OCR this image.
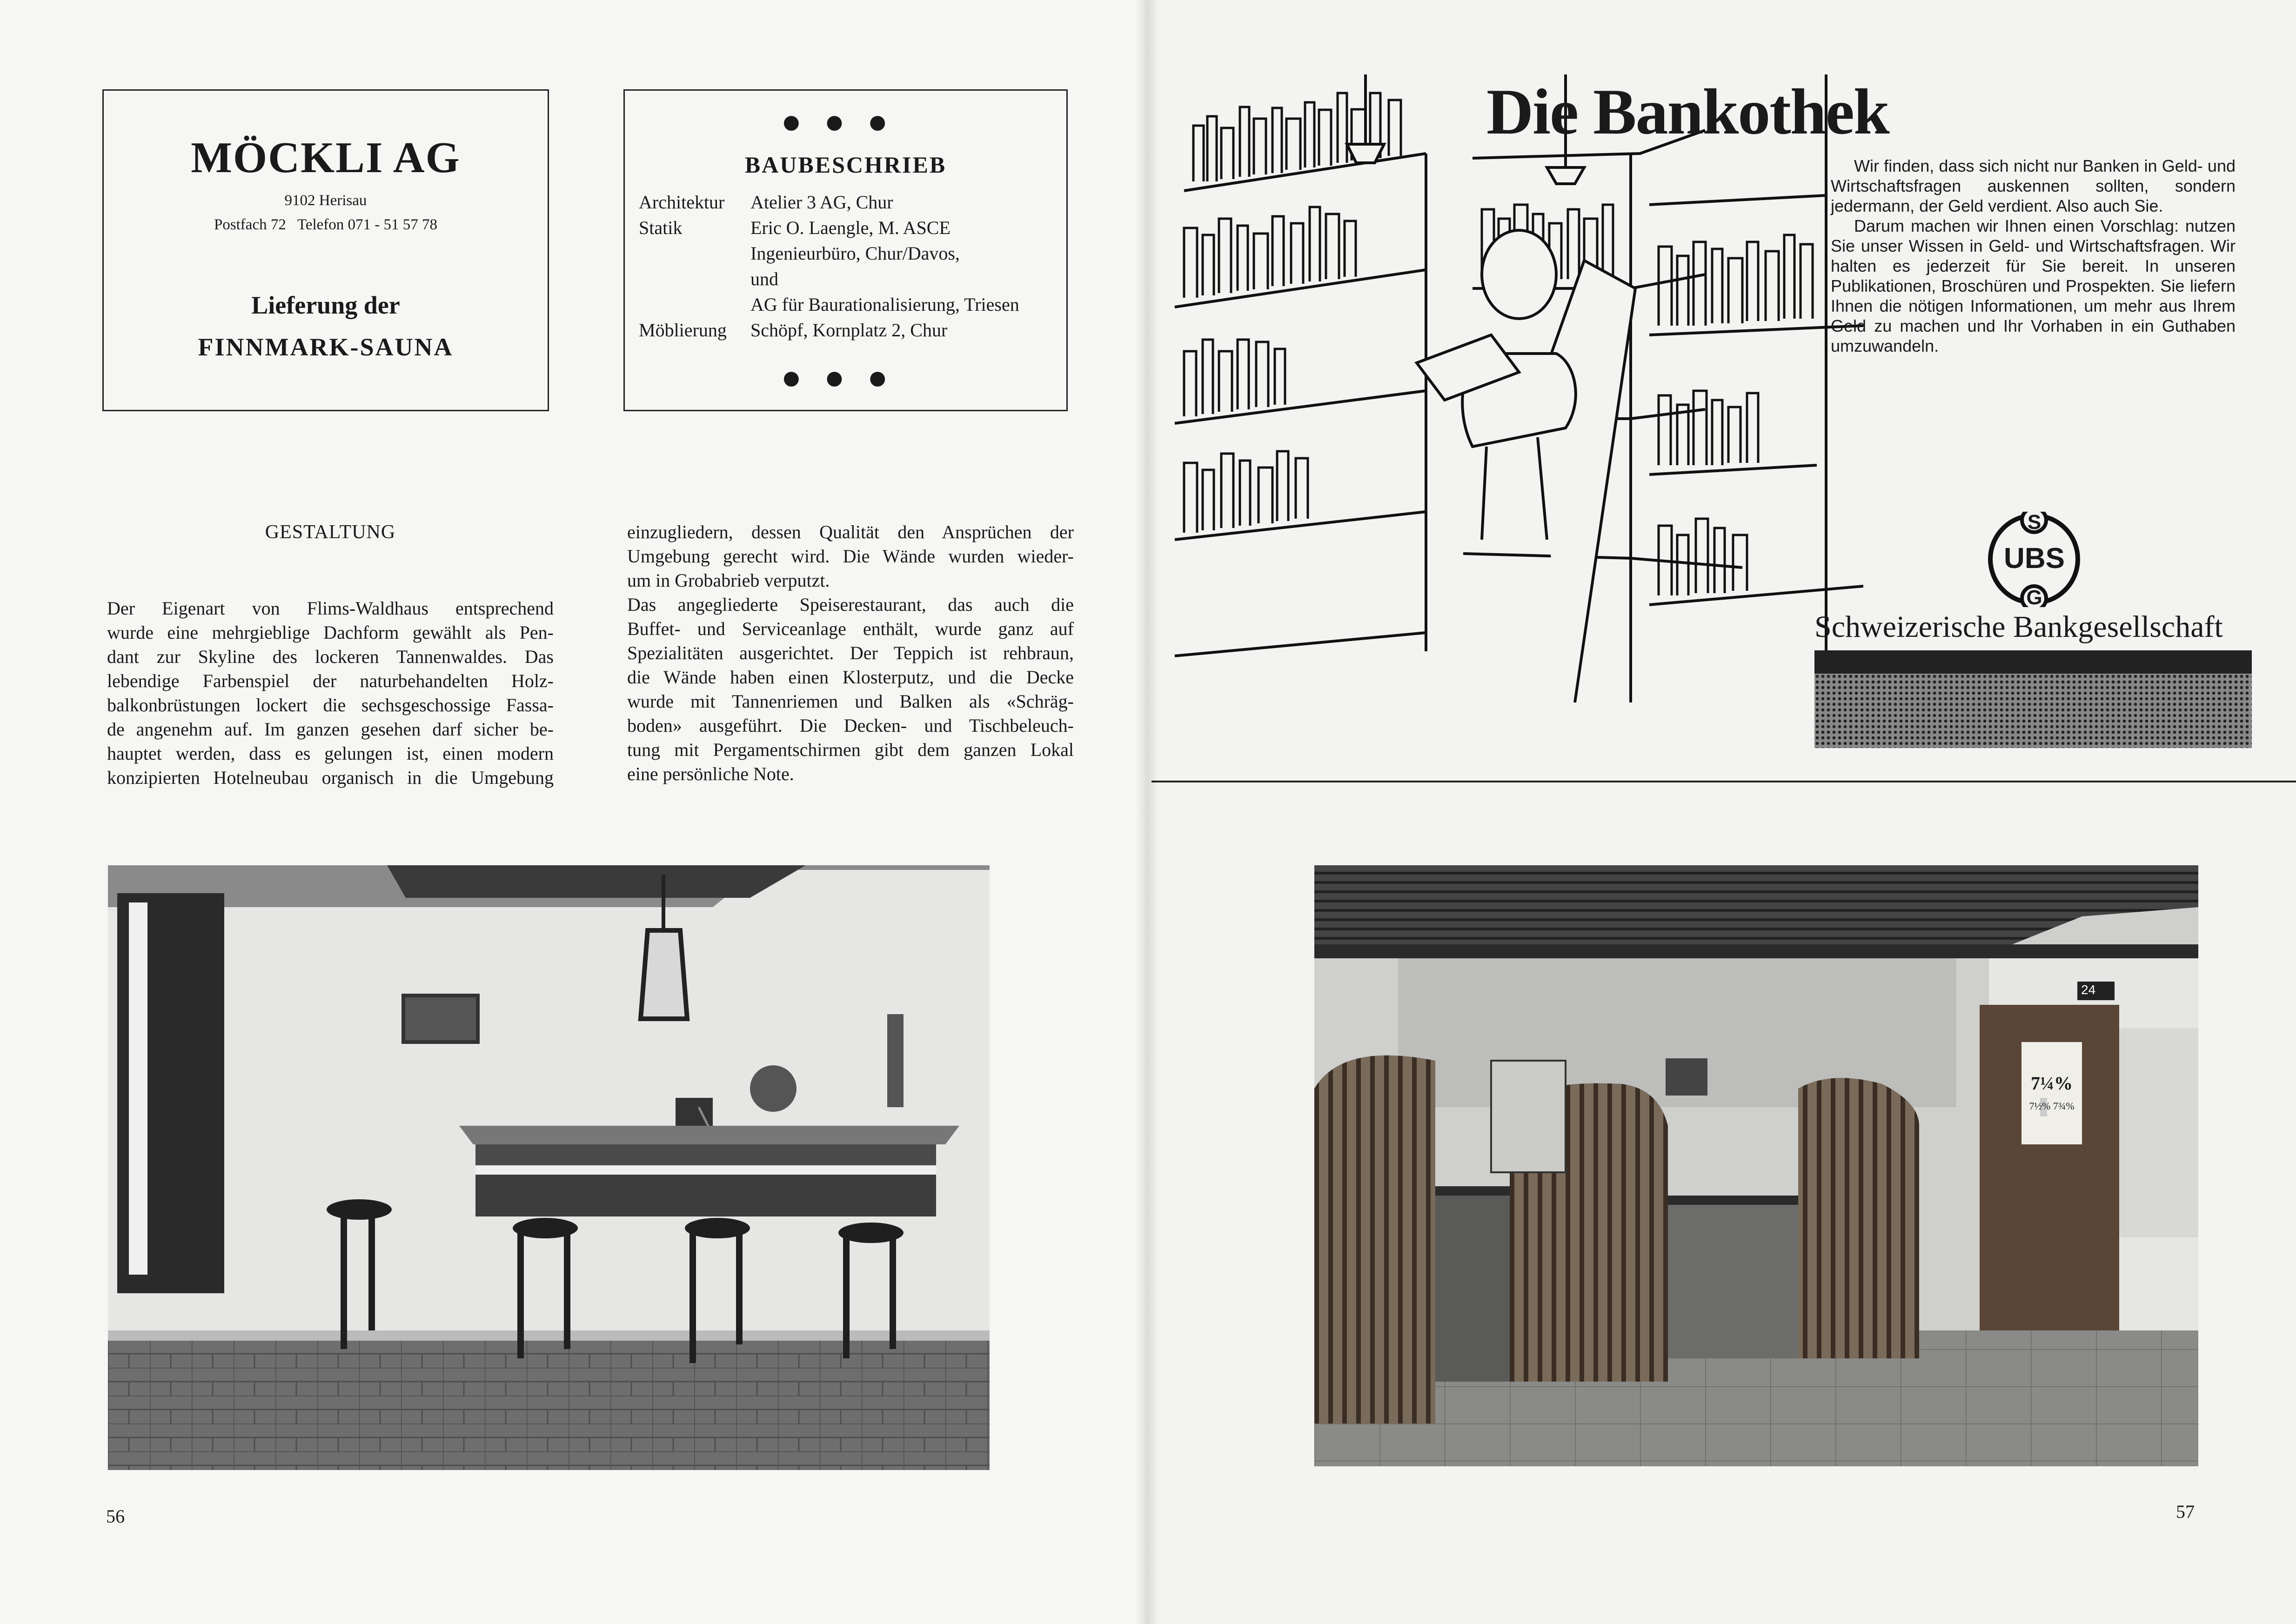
MÖCKLI AG
9102 Herisau
Postfach 72   Telefon 071 - 51 57 78
Lieferung der
FINNMARK-SAUNA
●●●
BAUBESCHRIEB
Architektur	Atelier 3 AG, Chur
Statik	Eric O. Laengle, M. ASCE
Ingenieurbüro, Chur/Davos,
und
AG für Baurationalisierung, Triesen
Möblierung	Schöpf, Kornplatz 2, Chur
●●●
GESTALTUNG
Der Eigenart von Flims-Waldhaus entsprechend
wurde eine mehrgieblige Dachform gewählt als Pen-
dant zur Skyline des lockeren Tannenwaldes. Das
lebendige Farbenspiel der naturbehandelten Holz-
balkonbrüstungen lockert die sechsgeschossige Fassa-
de angenehm auf. Im ganzen gesehen darf sicher be-
hauptet werden, dass es gelungen ist, einen modern
konzipierten Hotelneubau organisch in die Umgebung
einzugliedern, dessen Qualität den Ansprüchen der
Umgebung gerecht wird. Die Wände wurden wieder-
um in Grobabrieb verputzt.
Das angegliederte Speiserestaurant, das auch die
Buffet- und Serviceanlage enthält, wurde ganz auf
Spezialitäten ausgerichtet. Der Teppich ist rehbraun,
die Wände haben einen Klosterputz, und die Decke
wurde mit Tannenriemen und Balken als «Schräg-
boden» ausgeführt. Die Decken- und Tischbeleuch-
tung mit Pergamentschirmen gibt dem ganzen Lokal
eine persönliche Note.
56
Die Bankothek
Wir finden, dass sich nicht nur Banken in Geld- und Wirtschaftsfragen auskennen sollten, sondern jedermann, der Geld verdient. Also auch Sie.
Darum machen wir Ihnen einen Vorschlag: nutzen Sie unser Wissen in Geld- und Wirtschaftsfragen. Wir halten es jederzeit für Sie bereit. In unseren Publikationen, Broschüren und Prospekten. Sie liefern Ihnen die nötigen Informationen, um mehr aus Ihrem Geld zu machen und Ihr Vorhaben in ein Guthaben umzuwandeln.
S
UBS
G
Schweizerische Bankgesellschaft
24
7¼%
7½% 7¾%
57
